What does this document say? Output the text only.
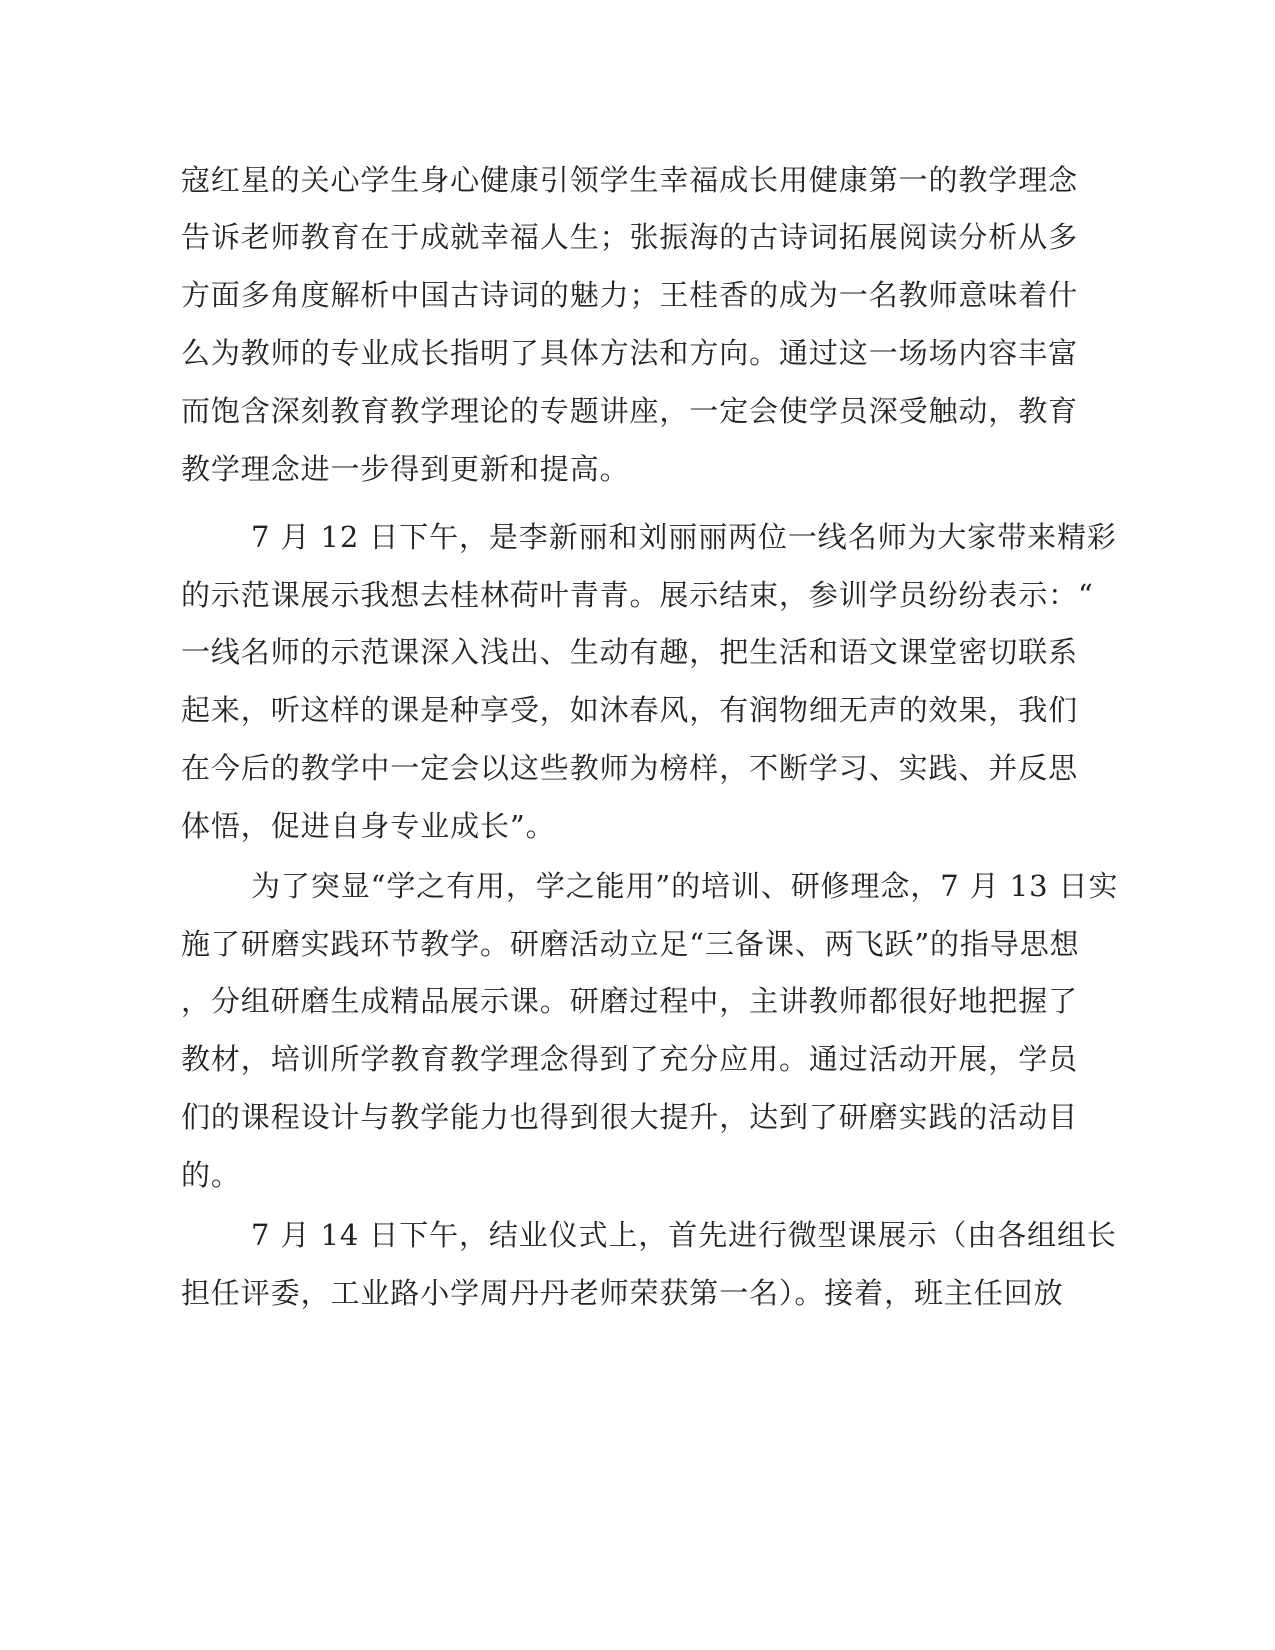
寇红星的关心学生身心健康引领学生幸福成长用健康第一的教学理念
告诉老师教育在于成就幸福人生；张振海的古诗词拓展阅读分析从多
方面多角度解析中国古诗词的魅力；王桂香的成为一名教师意味着什
么为教师的专业成长指明了具体方法和方向。通过这一场场内容丰富
而饱含深刻教育教学理论的专题讲座，一定会使学员深受触动，教育
教学理念进一步得到更新和提高。
7 月 12 日下午，是李新丽和刘丽丽两位一线名师为大家带来精彩
的示范课展示我想去桂林荷叶青青。展示结束，参训学员纷纷表示：“
一线名师的示范课深入浅出、生动有趣，把生活和语文课堂密切联系
起来，听这样的课是种享受，如沐春风，有润物细无声的效果，我们
在今后的教学中一定会以这些教师为榜样，不断学习、实践、并反思
体悟，促进自身专业成长”。
为了突显“学之有用，学之能用”的培训、研修理念，7 月 13 日实
施了研磨实践环节教学。研磨活动立足“三备课、两飞跃”的指导思想
，分组研磨生成精品展示课。研磨过程中，主讲教师都很好地把握了
教材，培训所学教育教学理念得到了充分应用。通过活动开展，学员
们的课程设计与教学能力也得到很大提升，达到了研磨实践的活动目
的。
7 月 14 日下午，结业仪式上，首先进行微型课展示（由各组组长
担任评委，工业路小学周丹丹老师荣获第一名）。接着，班主任回放
